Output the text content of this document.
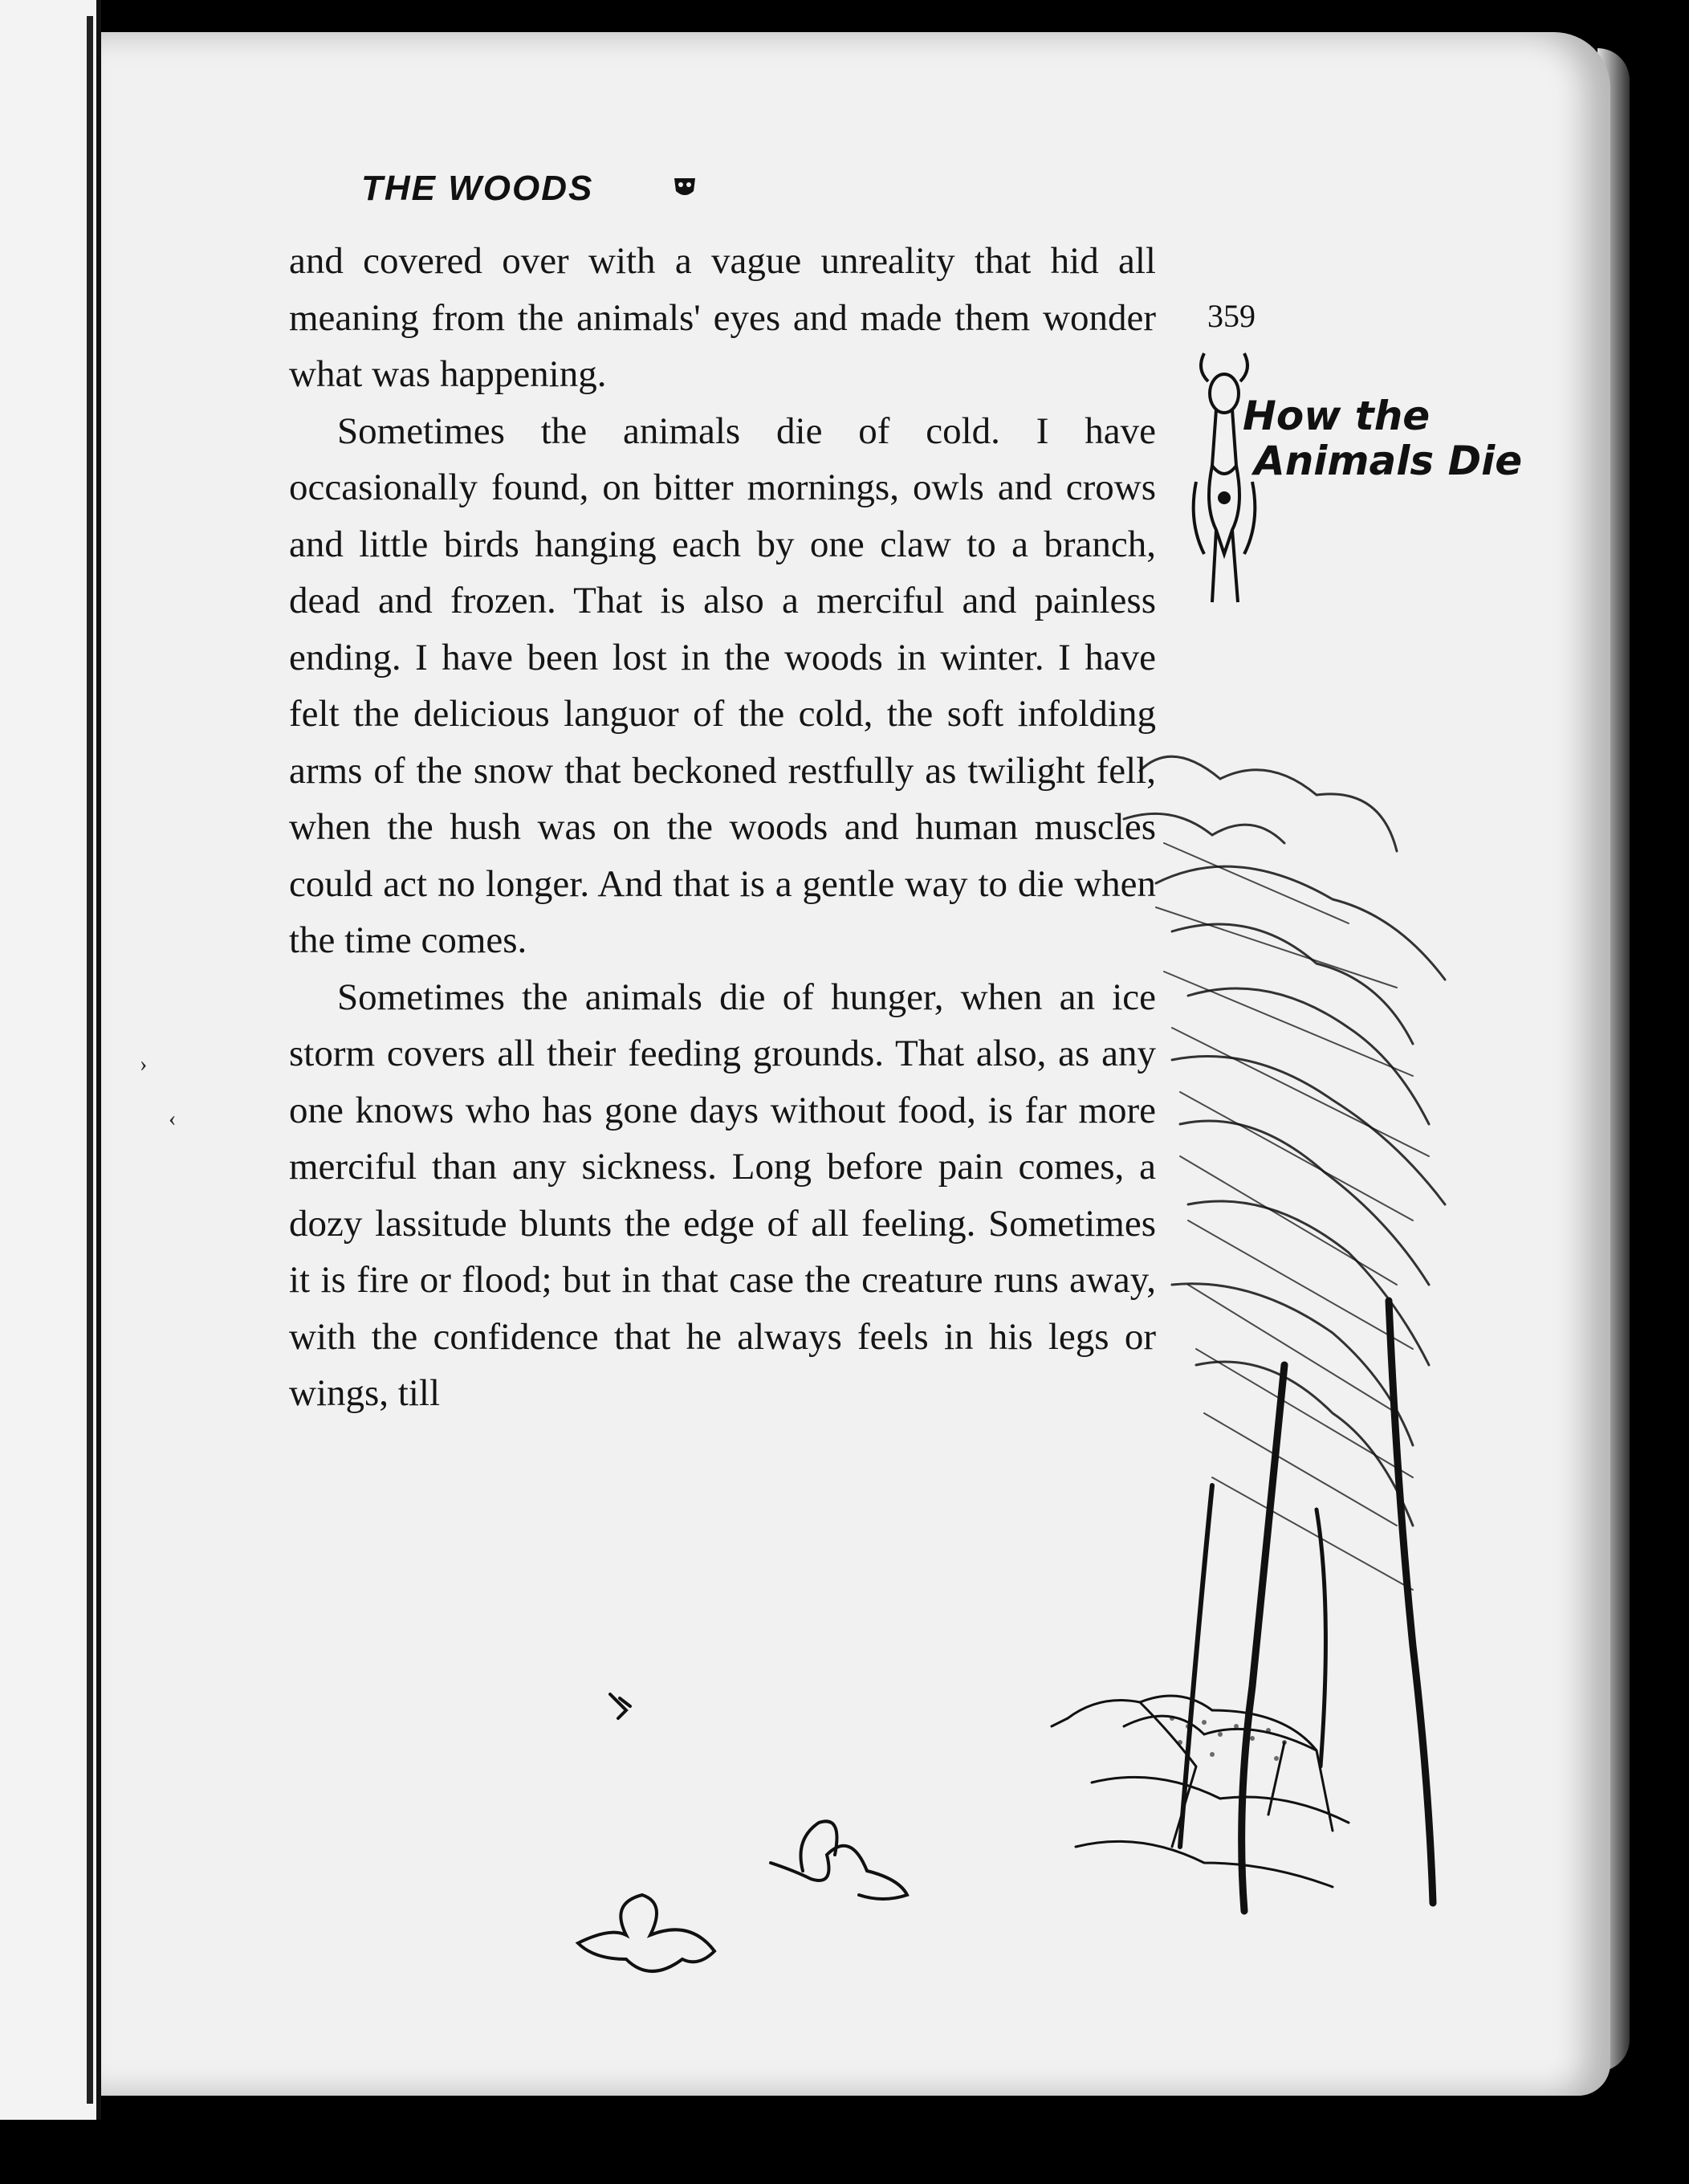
THE WOODS
359
How the
Animals Die

and covered over with a vague unreality that hid all meaning from the animals' eyes and made them wonder what was happening.

Sometimes the animals die of cold. I have occasionally found, on bitter mornings, owls and crows and little birds hanging each by one claw to a branch, dead and frozen. That is also a merciful and painless ending. I have been lost in the woods in winter. I have felt the delicious languor of the cold, the soft infolding arms of the snow that beckoned restfully as twilight fell, when the hush was on the woods and human muscles could act no longer. And that is a gentle way to die when the time comes.

Sometimes the animals die of hunger, when an ice storm covers all their feeding grounds. That also, as any one knows who has gone days without food, is far more merciful than any sickness. Long before pain comes, a dozy lassitude blunts the edge of all feeling. Sometimes it is fire or flood; but in that case the creature runs away, with the confidence that he always feels in his legs or wings, till

›
‹
